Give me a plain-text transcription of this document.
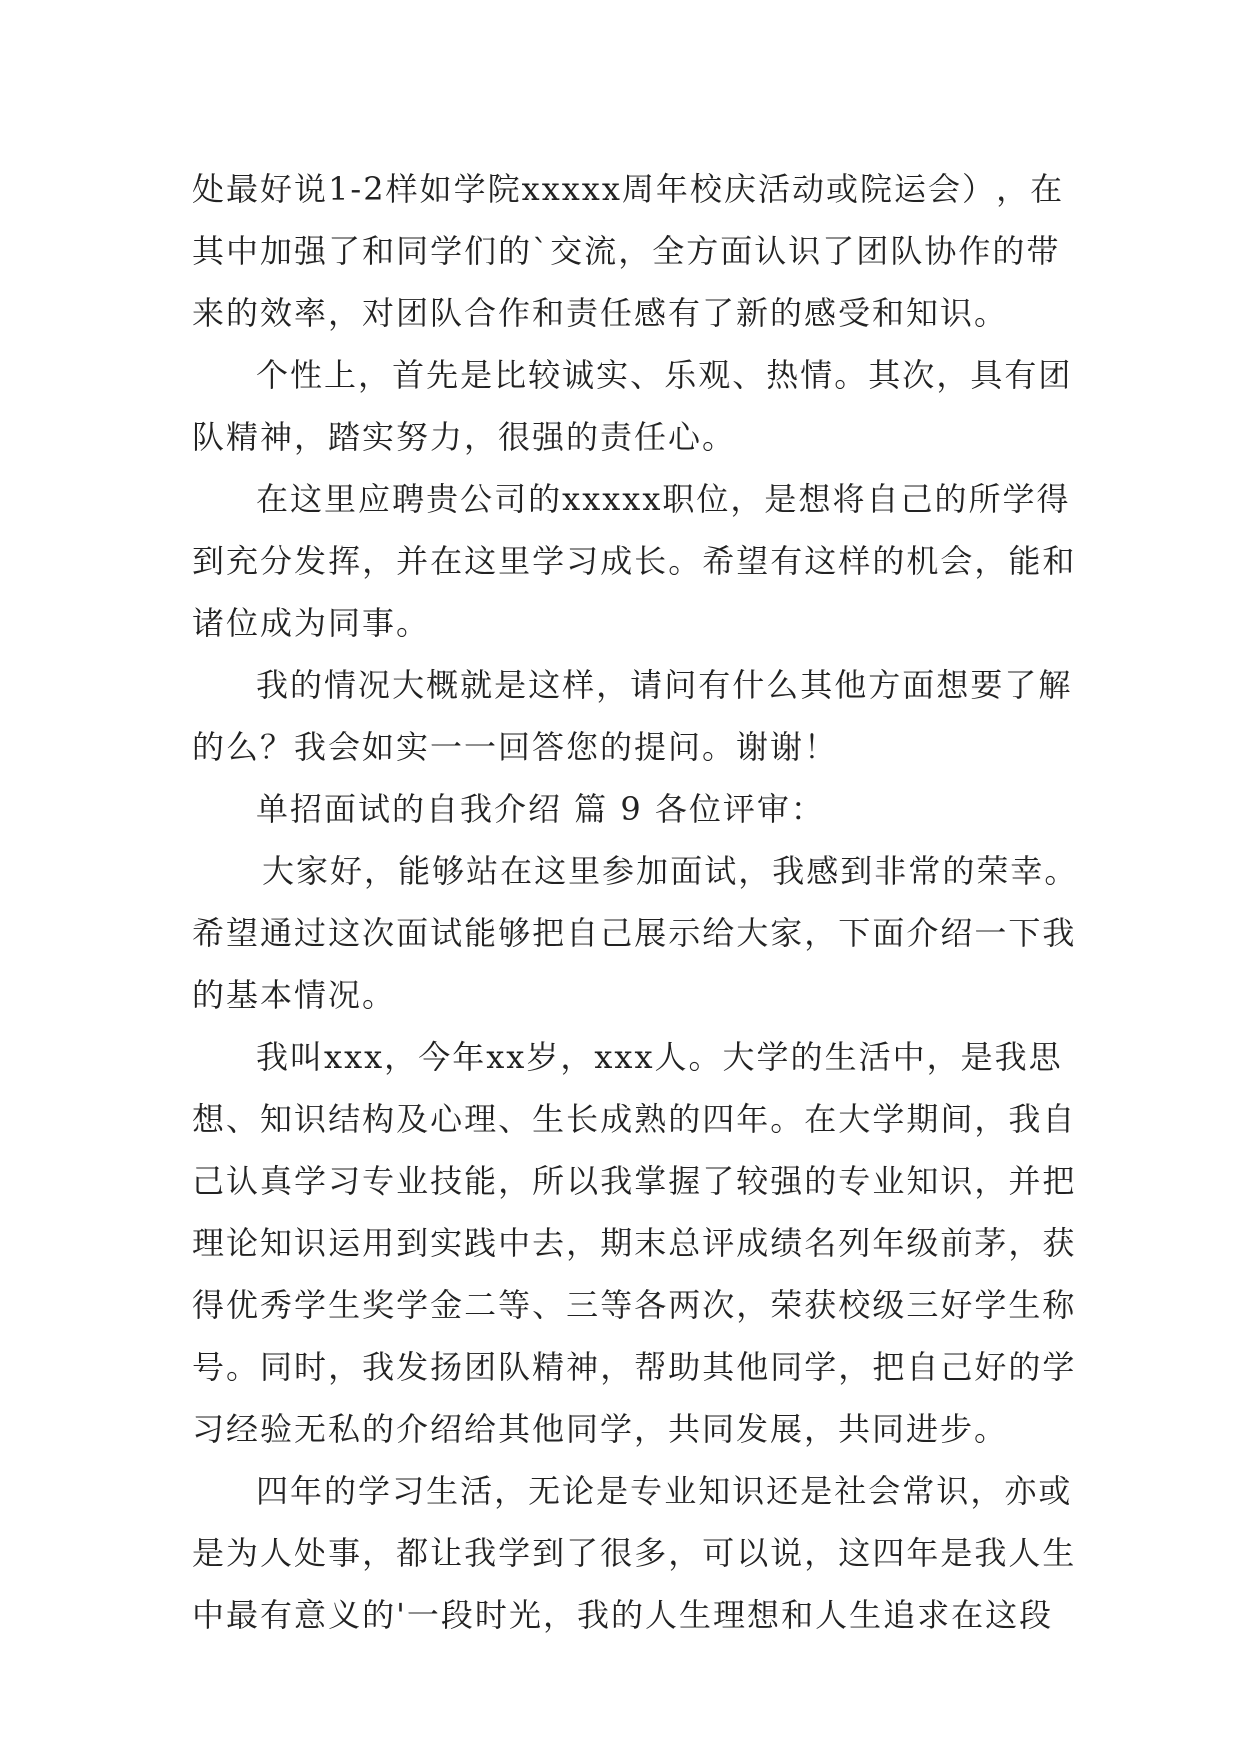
处 最 好 说 1-2 样 如 学 院 xxxxx 周 年 校 庆 活 动 或 院 运 会 ） ， 在
其 中 加 强 了 和 同 学 们 的 ` 交 流 ， 全 方 面 认 识 了 团 队 协 作 的 带
来的效率，对团队合作和责任感有了新的感受和知识。
个 性 上 ， 首 先 是 比 较 诚 实 、 乐 观 、 热 情 。 其 次 ， 具 有 团
队精神，踏实努力，很强的责任心。
在 这 里 应 聘 贵 公 司 的 xxxxx 职 位 ， 是 想 将 自 己 的 所 学 得
到 充 分 发 挥 ， 并 在 这 里 学 习 成 长 。 希 望 有 这 样 的 机 会 ， 能 和
诸位成为同事。
我 的 情 况 大 概 就 是 这 样 ， 请 问 有 什 么 其 他 方 面 想 要 了 解
的么？我会如实一一回答您的提问。谢谢！
单招面试的自我介绍 篇 9 各位评审：
大 家 好 ， 能 够 站 在 这 里 参 加 面 试 ， 我 感 到 非 常 的 荣 幸 。
希 望 通 过 这 次 面 试 能 够 把 自 己 展 示 给 大 家 ， 下 面 介 绍 一 下 我
的基本情况。
我 叫 xxx ， 今 年 xx 岁 ， xxx 人 。 大 学 的 生 活 中 ， 是 我 思
想 、 知 识 结 构 及 心 理 、 生 长 成 熟 的 四 年 。 在 大 学 期 间 ， 我 自
己 认 真 学 习 专 业 技 能 ， 所 以 我 掌 握 了 较 强 的 专 业 知 识 ， 并 把
理 论 知 识 运 用 到 实 践 中 去 ， 期 末 总 评 成 绩 名 列 年 级 前 茅 ， 获
得 优 秀 学 生 奖 学 金 二 等 、 三 等 各 两 次 ， 荣 获 校 级 三 好 学 生 称
号 。 同 时 ， 我 发 扬 团 队 精 神 ， 帮 助 其 他 同 学 ， 把 自 己 好 的 学
习经验无私的介绍给其他同学，共同发展，共同进步。
四 年 的 学 习 生 活 ， 无 论 是 专 业 知 识 还 是 社 会 常 识 ， 亦 或
是 为 人 处 事 ， 都 让 我 学 到 了 很 多 ， 可 以 说 ， 这 四 年 是 我 人 生
中 最 有 意 义 的 ' 一 段 时 光 ， 我 的 人 生 理 想 和 人 生 追 求 在 这 段
